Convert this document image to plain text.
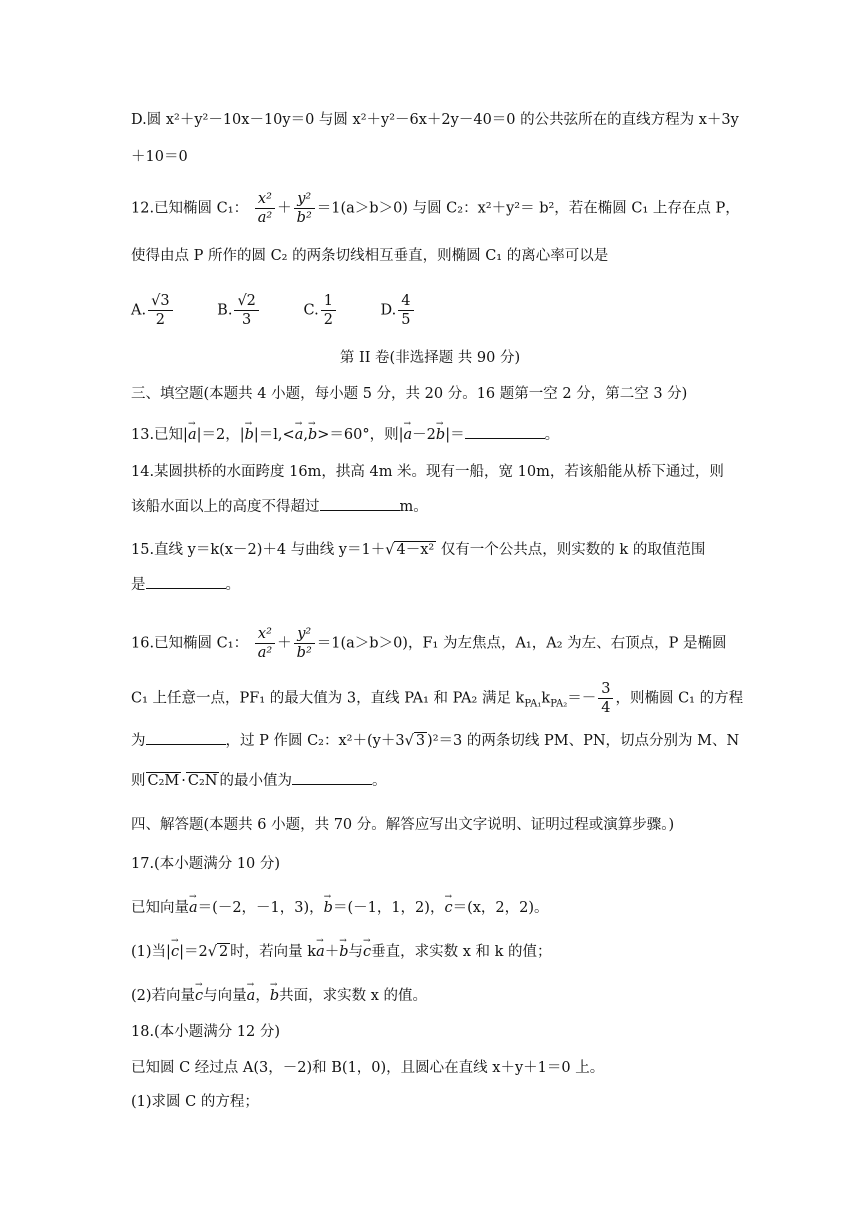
D.圆 x²＋y²－10x－10y＝0 与圆 x²＋y²－6x＋2y－40＝0 的公共弦所在的直线方程为 x＋3y
＋10＝0
12.已知椭圆 C₁： $\frac{\text{x²}}{\text{a²}} + \frac{\text{y²}}{\text{b²}} =1(a>b>0)$ 与圆 C₂：x²＋y²＝ b²，若在椭圆 C₁ 上存在点 P，
使得由点 P 所作的圆 C₂ 的两条切线相互垂直，则椭圆 C₁ 的离心率可以是
A. $\frac{√3}{2}$	B. $\frac{√2}{3}$	C. $\frac{1}{2}$	D. $\frac{4}{5}$
第 II 卷(非选择题 共 90 分)
三、填空题(本题共 4 小题，每小题 5 分，共 20 分。16 题第一空 2 分，第二空 3 分)
13.已知|→ a|＝2，|→ b|＝l,<→ a,→ b>＝60°，则|→ a－2→ b|＝	。
14.某圆拱桥的水面跨度 16m，拱高 4m 米。现有一船，宽 10m，若该船能从桥下通过，则
该船水面以上的高度不得超过	m。
15.直线 y＝k(x－2)＋4 与曲线 y＝1＋√ 4－x² 仅有一个公共点，则实数的 k 的取值范围
是	。
16.已知椭圆 C₁： $\frac{\text{x²}}{\text{a²}} + \frac{\text{y²}}{\text{b²}} =1(a>b>0)$，F₁ 为左焦点，A₁，A₂ 为左、右顶点，P 是椭圆
C₁ 上任意一点，PF₁ 的最大值为 3，直线 PA₁ 和 PA₂ 满足 $k_{PA_1}k_{PA_2}=- \frac{3}{4}$ ，则椭圆 C₁ 的方程
为	，过 P 作圆 C₂：x²＋(y＋3√ 3 )²＝3 的两条切线 PM、PN，切点分别为 M、N
则 C₂M · C₂N 的最小值为	。
四、解答题(本题共 6 小题，共 70 分。解答应写出文字说明、证明过程或演算步骤。)
17.(本小题满分 10 分)
已知向量→ a＝(－2，－1，3)，→ b＝(－1，1，2)，→ c＝(x，2，2)。
(1)当|→ c|＝2√ 2 时，若向量 k→ a＋→ b与→ c垂直，求实数 x 和 k 的值；
(2)若向量→ c与向量→ a，→ b共面，求实数 x 的值。
18.(本小题满分 12 分)
已知圆 C 经过点 A(3，－2)和 B(1，0)，且圆心在直线 x＋y＋1＝0 上。
(1)求圆 C 的方程；
